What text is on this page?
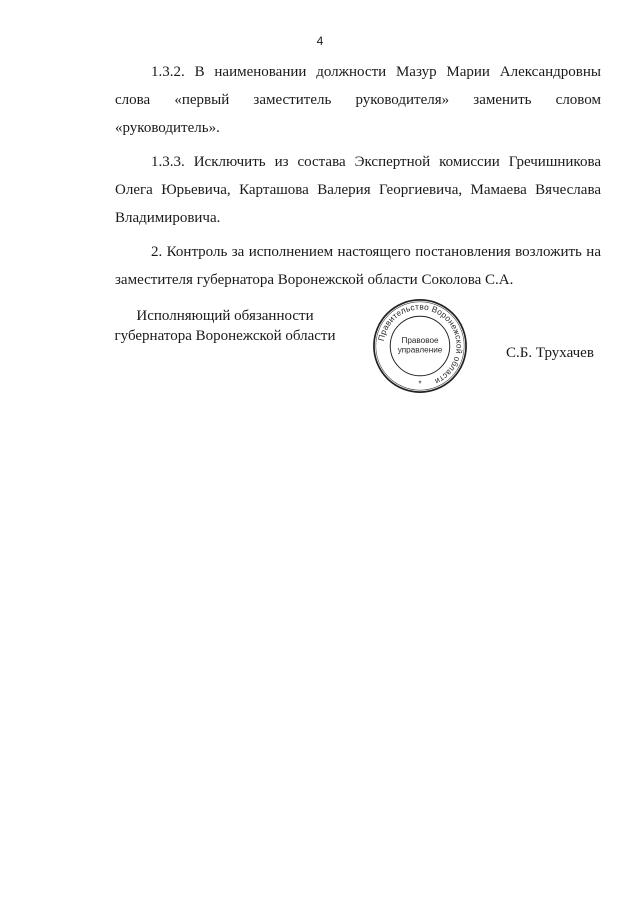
4

1.3.2. В наименовании должности Мазур Марии Александровны слова «первый заместитель руководителя» заменить словом «руководитель».

1.3.3. Исключить из состава Экспертной комиссии Гречишникова Олега Юрьевича, Карташова Валерия Георгиевича, Мамаева Вячеслава Владимировича.

2. Контроль за исполнением настоящего постановления возложить на заместителя губернатора Воронежской области Соколова С.А.

Исполняющий обязанности
губернатора Воронежской области	Правительство Воронежской области
Правовое
управление
*
С.Б. Трухачев
